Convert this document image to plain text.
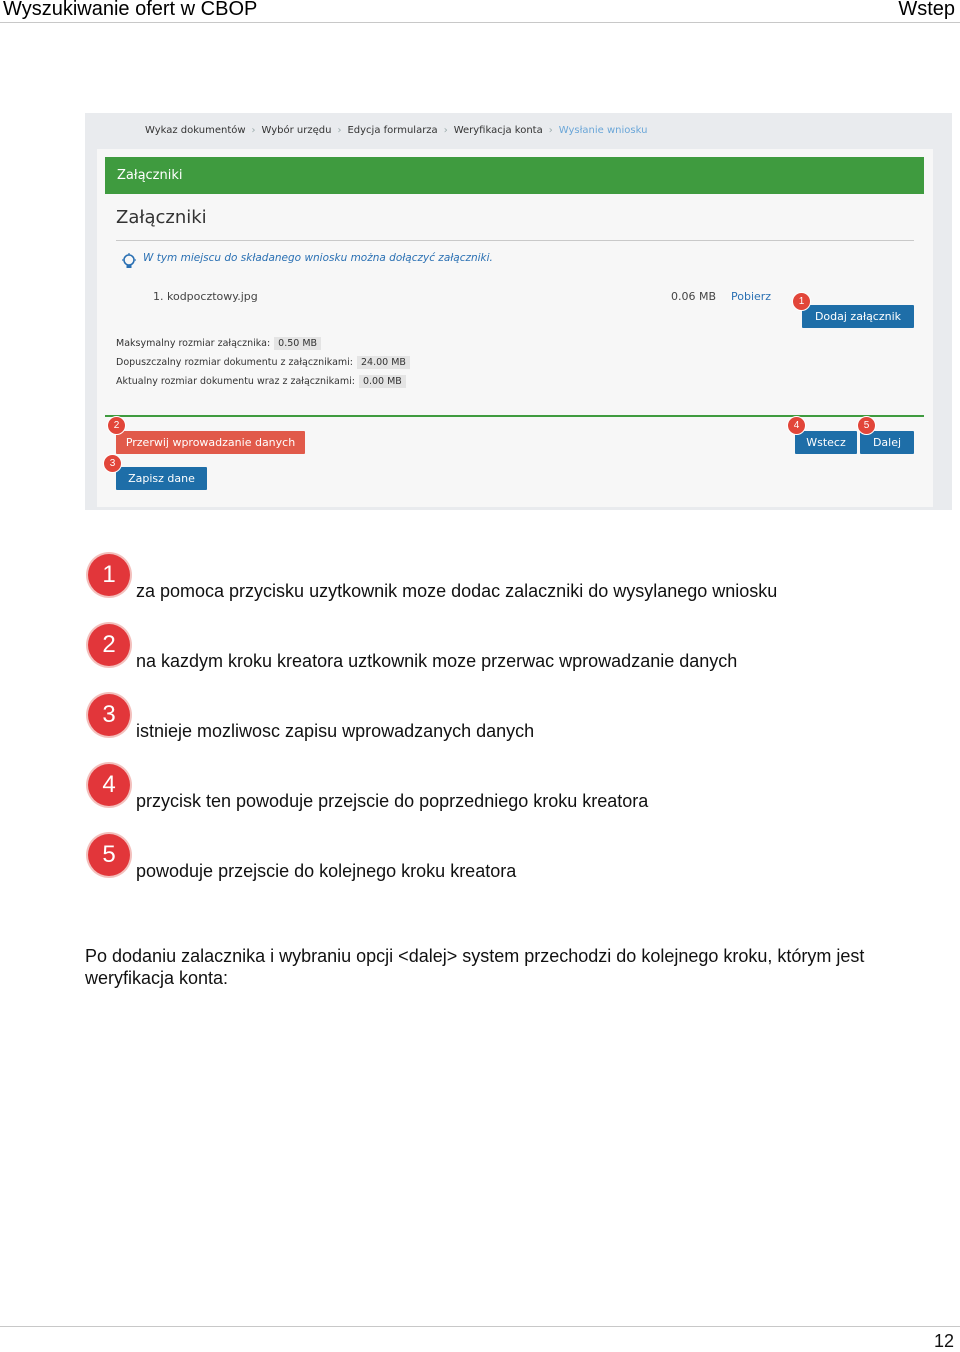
Wyszukiwanie ofert w CBOP	Wstep
Wykaz dokumentów › Wybór urzędu › Edycja formularza › Weryfikacja konta › Wysłanie wniosku
Załączniki
Załączniki
W tym miejscu do składanego wniosku można dołączyć załączniki.
1. kodpocztowy.jpg	0.06 MB Pobierz
Dodaj załącznik
Maksymalny rozmiar załącznika: 0.50 MB
Dopuszczalny rozmiar dokumentu z załącznikami: 24.00 MB
Aktualny rozmiar dokumentu wraz z załącznikami: 0.00 MB
Przerwij wprowadzanie danych
Zapisz dane
Wstecz	Dalej
1
2
3
4	5
1
za pomoca przycisku uzytkownik moze dodac zalaczniki do wysylanego wniosku
2
na kazdym kroku kreatora uztkownik moze przerwac wprowadzanie danych
3
istnieje mozliwosc zapisu wprowadzanych danych
4
przycisk ten powoduje przejscie do poprzedniego kroku kreatora
5
powoduje przejscie do kolejnego kroku kreatora
Po dodaniu zalacznika i wybraniu opcji <dalej> system przechodzi do kolejnego kroku, którym jest weryfikacja konta:
12
